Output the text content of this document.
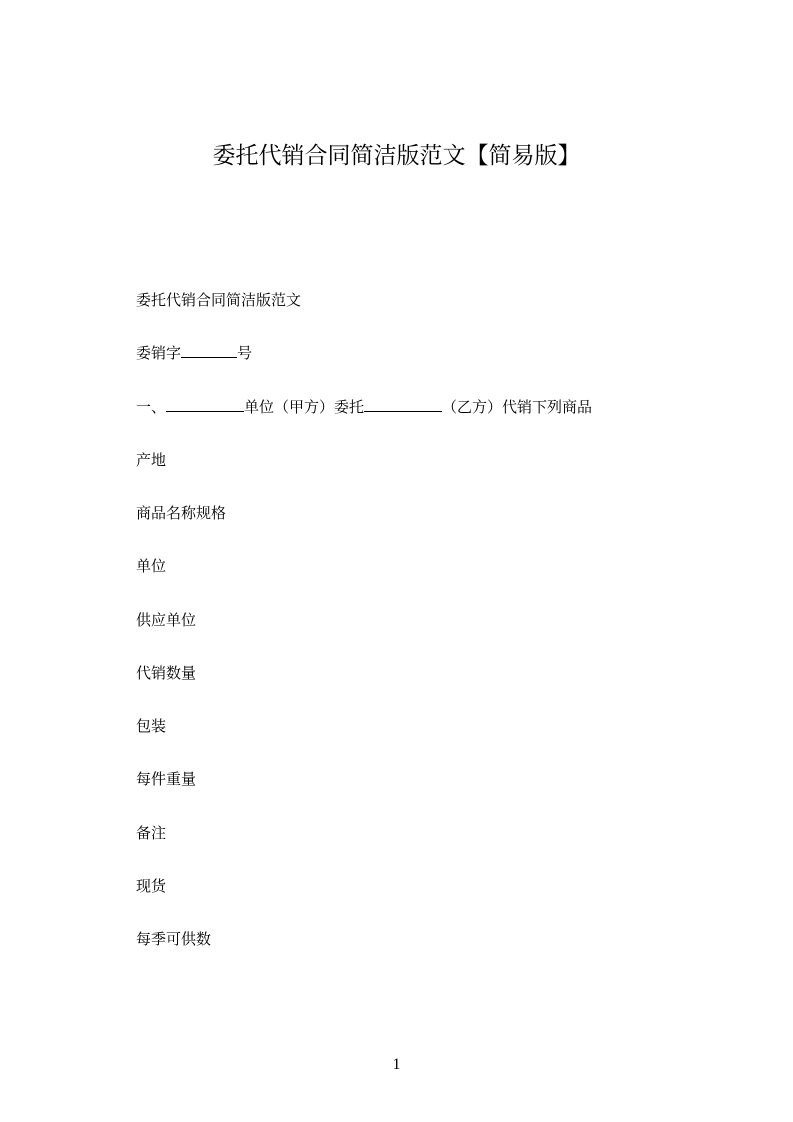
委托代销合同简洁版范文【简易版】

委托代销合同简洁版范文

委销字	号

一、	单位（甲方）委托	（乙方）代销下列商品

产地

商品名称规格

单位

供应单位

代销数量

包装

每件重量

备注

现货

每季可供数

1
